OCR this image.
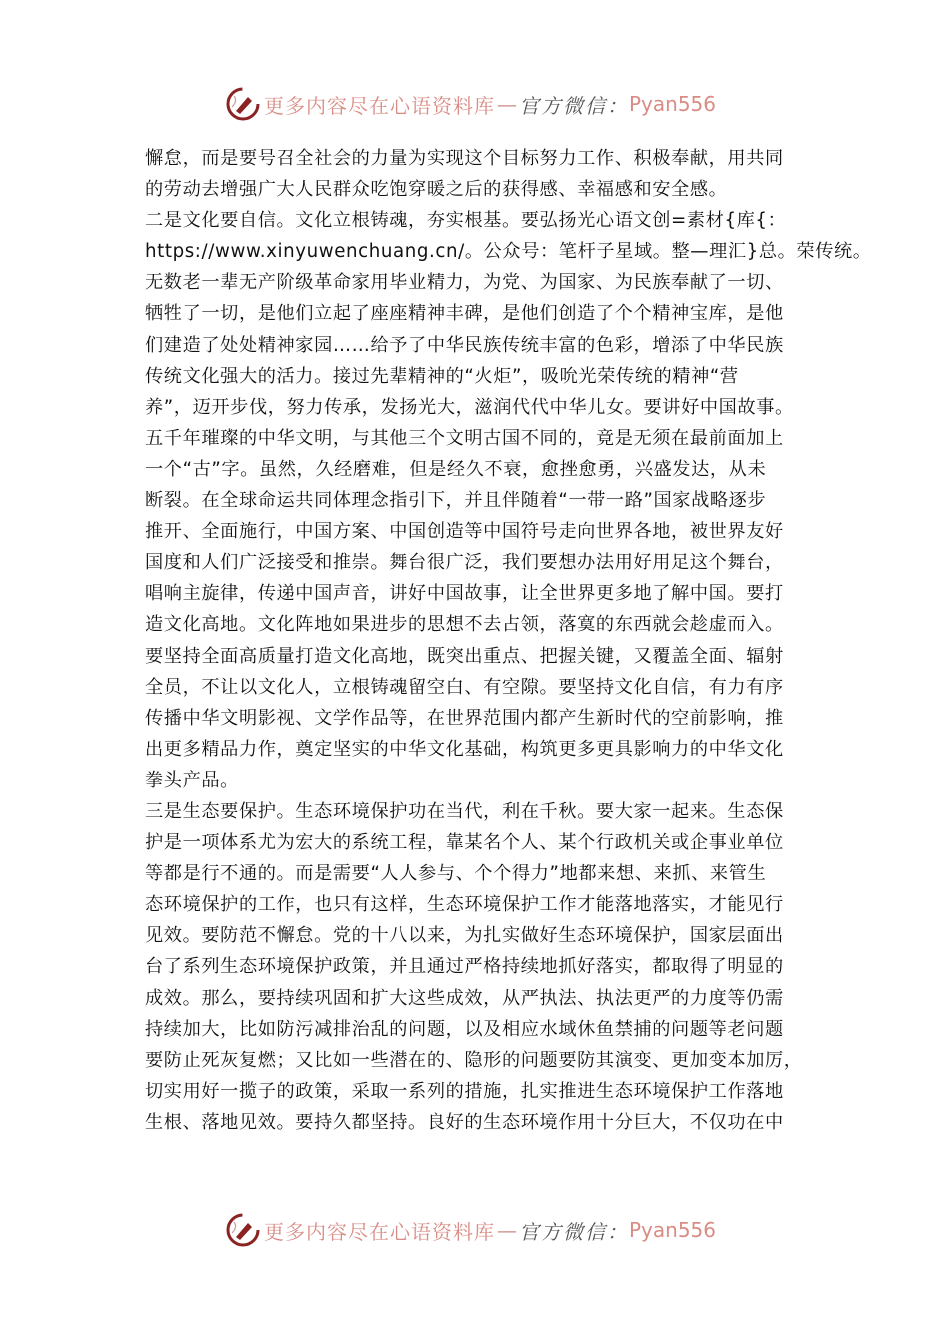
更多内容尽在心语资料库 — 官方微信： Pyan556
懈怠，而是要号召全社会的力量为实现这个目标努力工作、积极奉献，用共同
的劳动去增强广大人民群众吃饱穿暖之后的获得感、幸福感和安全感。
二是文化要自信。文化立根铸魂，夯实根基。要弘扬光心语文创=素材{库{：
https://www.xinyuwenchuang.cn/。公众号：笔杆子星域。整—理汇}总。荣传统。
无数老一辈无产阶级革命家用毕业精力，为党、为国家、为民族奉献了一切、
牺牲了一切，是他们立起了座座精神丰碑，是他们创造了个个精神宝库，是他
们建造了处处精神家园……给予了中华民族传统丰富的色彩，增添了中华民族
传统文化强大的活力。接过先辈精神的“火炬”，吸吮光荣传统的精神“营
养”，迈开步伐，努力传承，发扬光大，滋润代代中华儿女。要讲好中国故事。
五千年璀璨的中华文明，与其他三个文明古国不同的，竟是无须在最前面加上
一个“古”字。虽然，久经磨难，但是经久不衰，愈挫愈勇，兴盛发达，从未
断裂。在全球命运共同体理念指引下，并且伴随着“一带一路”国家战略逐步
推开、全面施行，中国方案、中国创造等中国符号走向世界各地，被世界友好
国度和人们广泛接受和推崇。舞台很广泛，我们要想办法用好用足这个舞台，
唱响主旋律，传递中国声音，讲好中国故事，让全世界更多地了解中国。要打
造文化高地。文化阵地如果进步的思想不去占领，落寞的东西就会趁虚而入。
要坚持全面高质量打造文化高地，既突出重点、把握关键，又覆盖全面、辐射
全员，不让以文化人，立根铸魂留空白、有空隙。要坚持文化自信，有力有序
传播中华文明影视、文学作品等，在世界范围内都产生新时代的空前影响，推
出更多精品力作，奠定坚实的中华文化基础，构筑更多更具影响力的中华文化
拳头产品。
三是生态要保护。生态环境保护功在当代，利在千秋。要大家一起来。生态保
护是一项体系尤为宏大的系统工程，靠某名个人、某个行政机关或企事业单位
等都是行不通的。而是需要“人人参与、个个得力”地都来想、来抓、来管生
态环境保护的工作，也只有这样，生态环境保护工作才能落地落实，才能见行
见效。要防范不懈怠。党的十八以来，为扎实做好生态环境保护，国家层面出
台了系列生态环境保护政策，并且通过严格持续地抓好落实，都取得了明显的
成效。那么，要持续巩固和扩大这些成效，从严执法、执法更严的力度等仍需
持续加大，比如防污减排治乱的问题，以及相应水域休鱼禁捕的问题等老问题
要防止死灰复燃；又比如一些潜在的、隐形的问题要防其演变、更加变本加厉，
切实用好一揽子的政策，采取一系列的措施，扎实推进生态环境保护工作落地
生根、落地见效。要持久都坚持。良好的生态环境作用十分巨大，不仅功在中
更多内容尽在心语资料库 — 官方微信： Pyan556
